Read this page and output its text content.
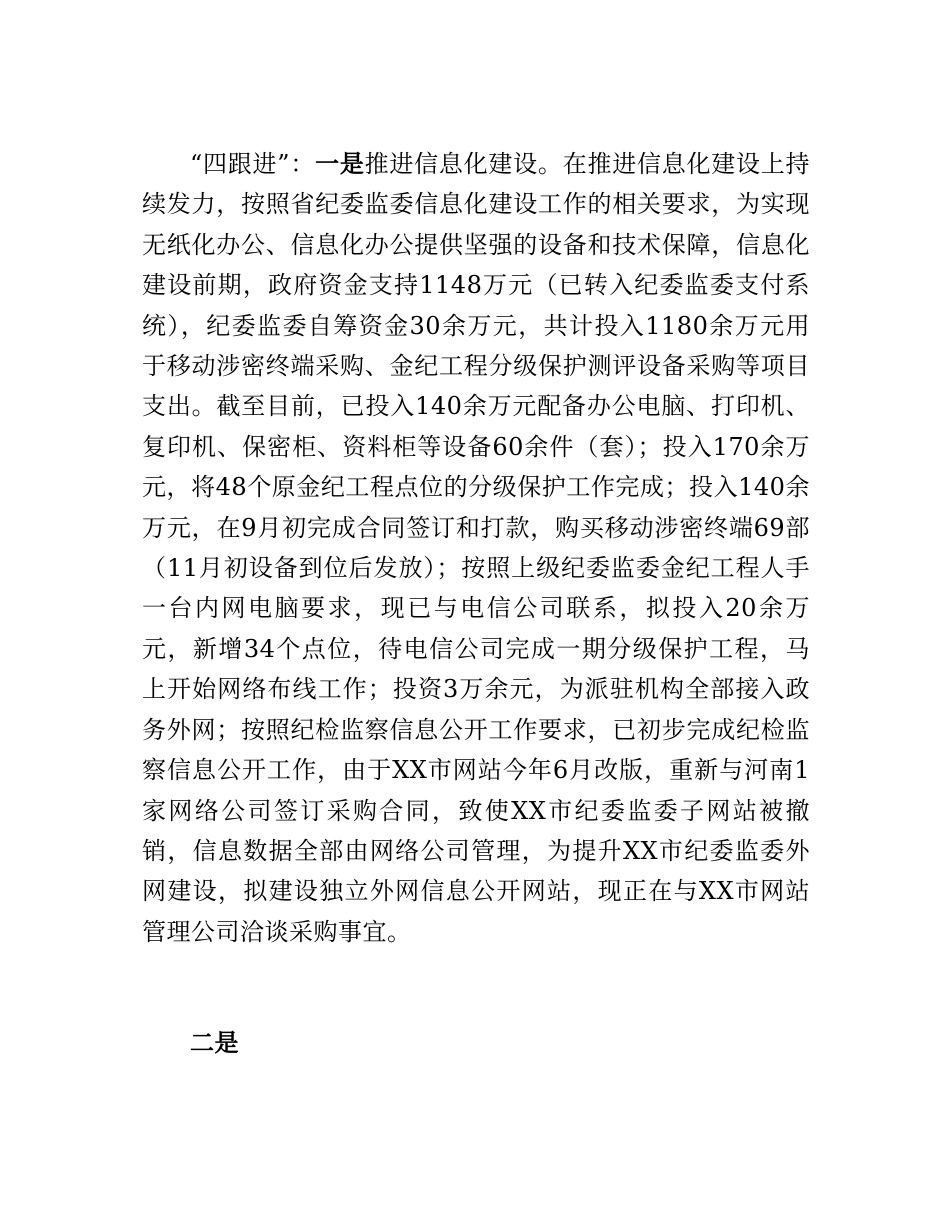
“四跟进”：一是推进信息化建设。在推进信息化建设上持续发力，按照省纪委监委信息化建设工作的相关要求，为实现无纸化办公、信息化办公提供坚强的设备和技术保障，信息化建设前期，政府资金支持1148万元（已转入纪委监委支付系统），纪委监委自筹资金30余万元，共计投入1180余万元用于移动涉密终端采购、金纪工程分级保护测评设备采购等项目支出。截至目前，已投入140余万元配备办公电脑、打印机、复印机、保密柜、资料柜等设备60余件（套）；投入170余万元，将48个原金纪工程点位的分级保护工作完成；投入140余万元，在9月初完成合同签订和打款，购买移动涉密终端69部（11月初设备到位后发放）；按照上级纪委监委金纪工程人手一台内网电脑要求，现已与电信公司联系，拟投入20余万元，新增34个点位，待电信公司完成一期分级保护工程，马上开始网络布线工作；投资3万余元，为派驻机构全部接入政务外网；按照纪检监察信息公开工作要求，已初步完成纪检监察信息公开工作，由于XX市网站今年6月改版，重新与河南1家网络公司签订采购合同，致使XX市纪委监委子网站被撤销，信息数据全部由网络公司管理，为提升XX市纪委监委外网建设，拟建设独立外网信息公开网站，现正在与XX市网站管理公司洽谈采购事宜。

二是
